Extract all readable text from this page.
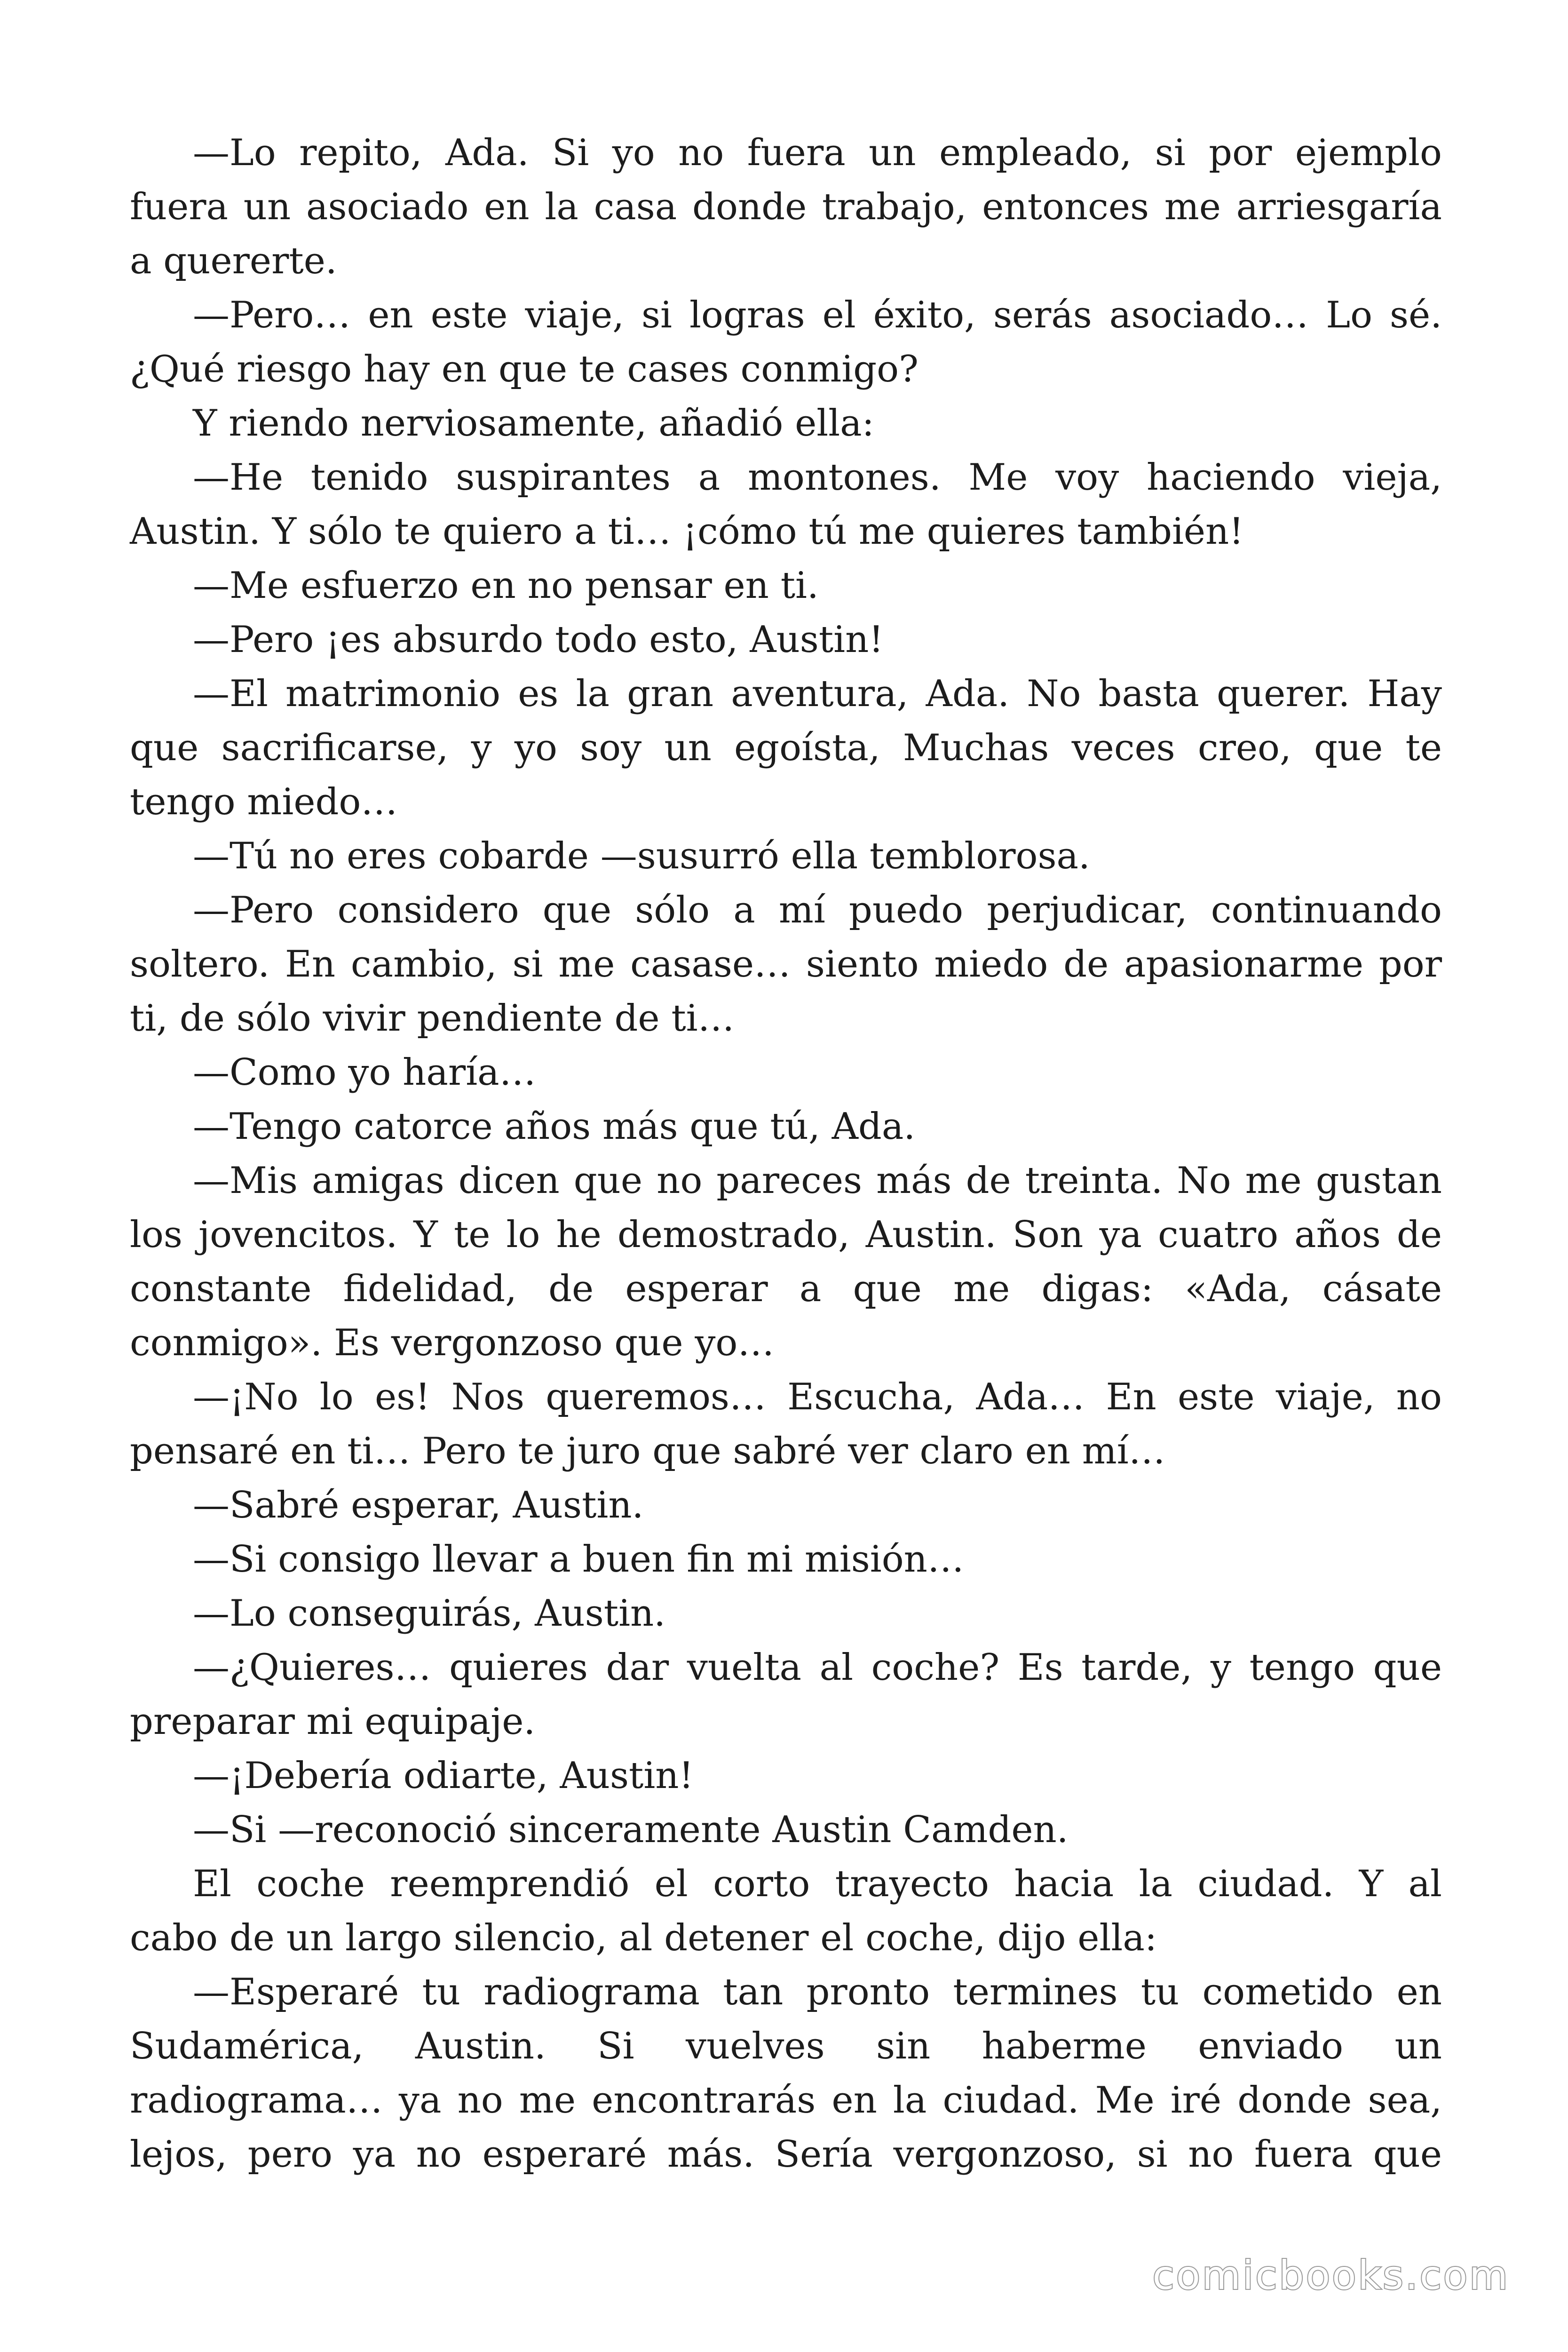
—Lo repito, Ada. Si yo no fuera un empleado, si por ejemplo
fuera un asociado en la casa donde trabajo, entonces me arriesgaría
a quererte.
—Pero… en este viaje, si logras el éxito, serás asociado… Lo sé.
¿Qué riesgo hay en que te cases conmigo?
Y riendo nerviosamente, añadió ella:
—He tenido suspirantes a montones. Me voy haciendo vieja,
Austin. Y sólo te quiero a ti… ¡cómo tú me quieres también!
—Me esfuerzo en no pensar en ti.
—Pero ¡es absurdo todo esto, Austin!
—El matrimonio es la gran aventura, Ada. No basta querer. Hay
que sacrificarse, y yo soy un egoísta, Muchas veces creo, que te
tengo miedo…
—Tú no eres cobarde —susurró ella temblorosa.
—Pero considero que sólo a mí puedo perjudicar, continuando
soltero. En cambio, si me casase… siento miedo de apasionarme por
ti, de sólo vivir pendiente de ti…
—Como yo haría…
—Tengo catorce años más que tú, Ada.
—Mis amigas dicen que no pareces más de treinta. No me gustan
los jovencitos. Y te lo he demostrado, Austin. Son ya cuatro años de
constante fidelidad, de esperar a que me digas: «Ada, cásate
conmigo». Es vergonzoso que yo…
—¡No lo es! Nos queremos… Escucha, Ada… En este viaje, no
pensaré en ti… Pero te juro que sabré ver claro en mí…
—Sabré esperar, Austin.
—Si consigo llevar a buen fin mi misión…
—Lo conseguirás, Austin.
—¿Quieres… quieres dar vuelta al coche? Es tarde, y tengo que
preparar mi equipaje.
—¡Debería odiarte, Austin!
—Si —reconoció sinceramente Austin Camden.
El coche reemprendió el corto trayecto hacia la ciudad. Y al
cabo de un largo silencio, al detener el coche, dijo ella:
—Esperaré tu radiograma tan pronto termines tu cometido en
Sudamérica, Austin. Si vuelves sin haberme enviado un
radiograma… ya no me encontrarás en la ciudad. Me iré donde sea,
lejos, pero ya no esperaré más. Sería vergonzoso, si no fuera que
comicbooks.com
